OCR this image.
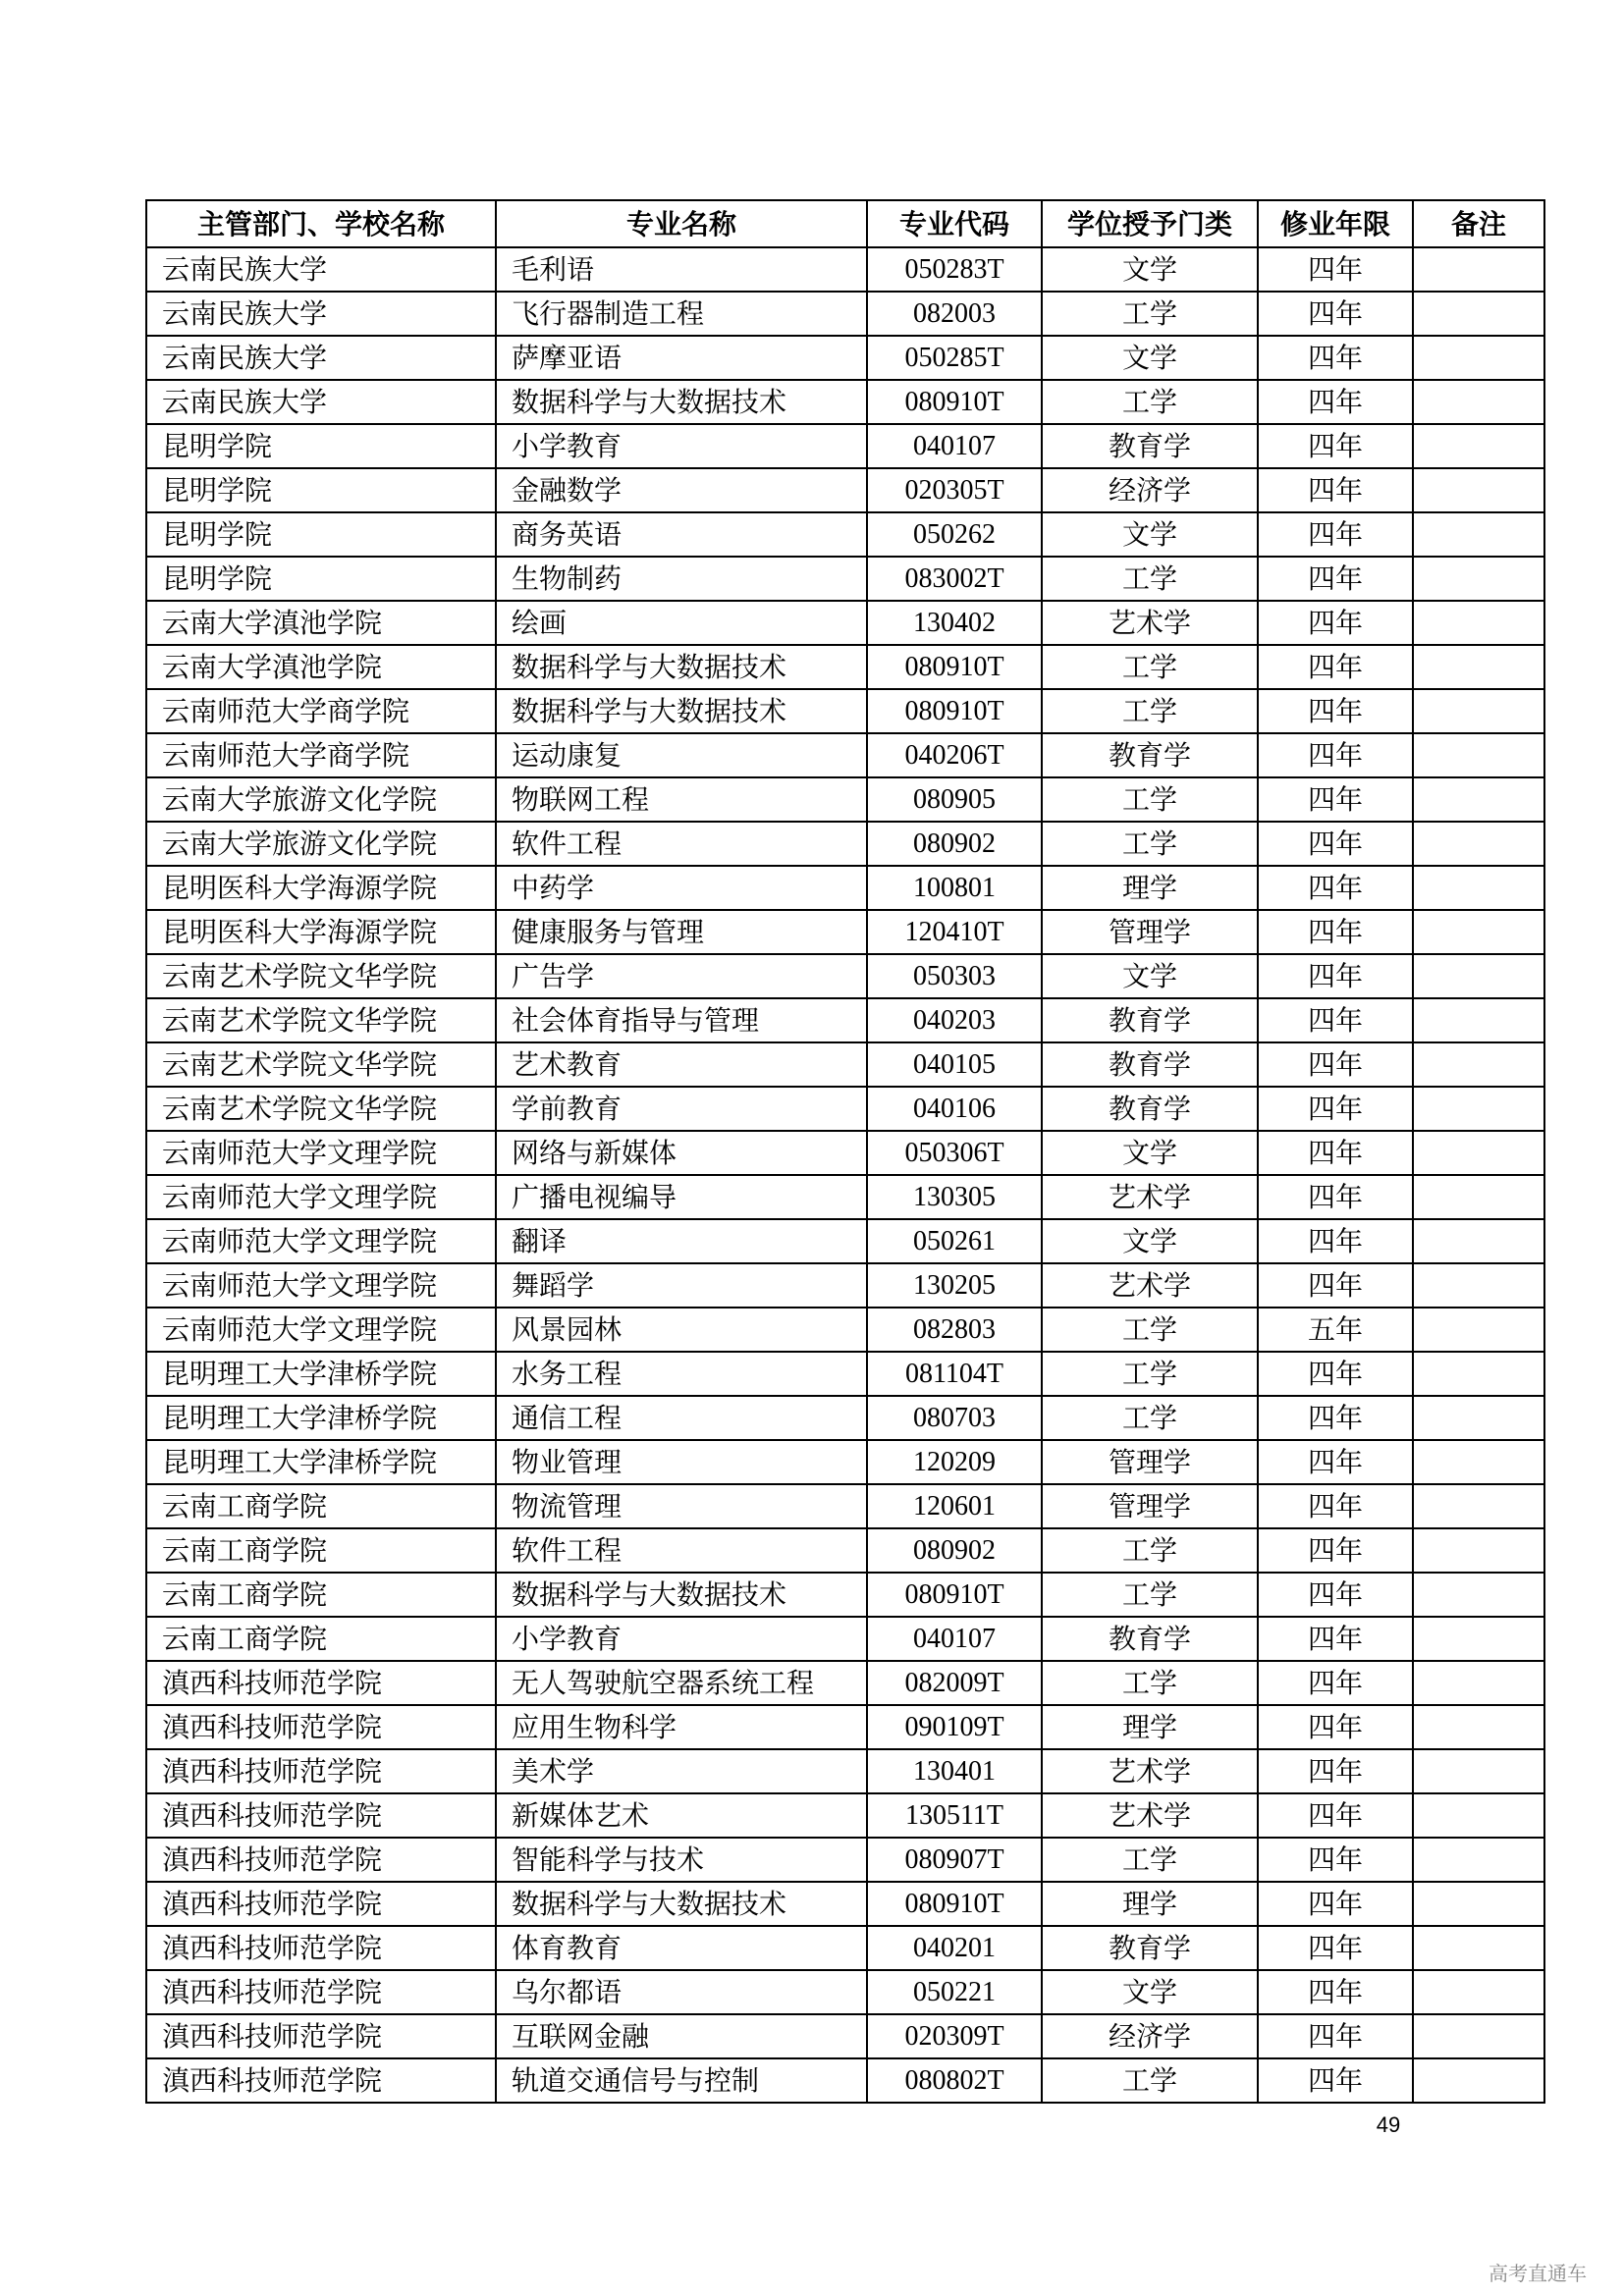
主管部门、学校名称	专业名称	专业代码	学位授予门类	修业年限	备注
云南民族大学	毛利语	050283T	文学	四年	
云南民族大学	飞行器制造工程	082003	工学	四年	
云南民族大学	萨摩亚语	050285T	文学	四年	
云南民族大学	数据科学与大数据技术	080910T	工学	四年	
昆明学院	小学教育	040107	教育学	四年	
昆明学院	金融数学	020305T	经济学	四年	
昆明学院	商务英语	050262	文学	四年	
昆明学院	生物制药	083002T	工学	四年	
云南大学滇池学院	绘画	130402	艺术学	四年	
云南大学滇池学院	数据科学与大数据技术	080910T	工学	四年	
云南师范大学商学院	数据科学与大数据技术	080910T	工学	四年	
云南师范大学商学院	运动康复	040206T	教育学	四年	
云南大学旅游文化学院	物联网工程	080905	工学	四年	
云南大学旅游文化学院	软件工程	080902	工学	四年	
昆明医科大学海源学院	中药学	100801	理学	四年	
昆明医科大学海源学院	健康服务与管理	120410T	管理学	四年	
云南艺术学院文华学院	广告学	050303	文学	四年	
云南艺术学院文华学院	社会体育指导与管理	040203	教育学	四年	
云南艺术学院文华学院	艺术教育	040105	教育学	四年	
云南艺术学院文华学院	学前教育	040106	教育学	四年	
云南师范大学文理学院	网络与新媒体	050306T	文学	四年	
云南师范大学文理学院	广播电视编导	130305	艺术学	四年	
云南师范大学文理学院	翻译	050261	文学	四年	
云南师范大学文理学院	舞蹈学	130205	艺术学	四年	
云南师范大学文理学院	风景园林	082803	工学	五年	
昆明理工大学津桥学院	水务工程	081104T	工学	四年	
昆明理工大学津桥学院	通信工程	080703	工学	四年	
昆明理工大学津桥学院	物业管理	120209	管理学	四年	
云南工商学院	物流管理	120601	管理学	四年	
云南工商学院	软件工程	080902	工学	四年	
云南工商学院	数据科学与大数据技术	080910T	工学	四年	
云南工商学院	小学教育	040107	教育学	四年	
滇西科技师范学院	无人驾驶航空器系统工程	082009T	工学	四年	
滇西科技师范学院	应用生物科学	090109T	理学	四年	
滇西科技师范学院	美术学	130401	艺术学	四年	
滇西科技师范学院	新媒体艺术	130511T	艺术学	四年	
滇西科技师范学院	智能科学与技术	080907T	工学	四年	
滇西科技师范学院	数据科学与大数据技术	080910T	理学	四年	
滇西科技师范学院	体育教育	040201	教育学	四年	
滇西科技师范学院	乌尔都语	050221	文学	四年	
滇西科技师范学院	互联网金融	020309T	经济学	四年	
滇西科技师范学院	轨道交通信号与控制	080802T	工学	四年	
49
高考直通车
